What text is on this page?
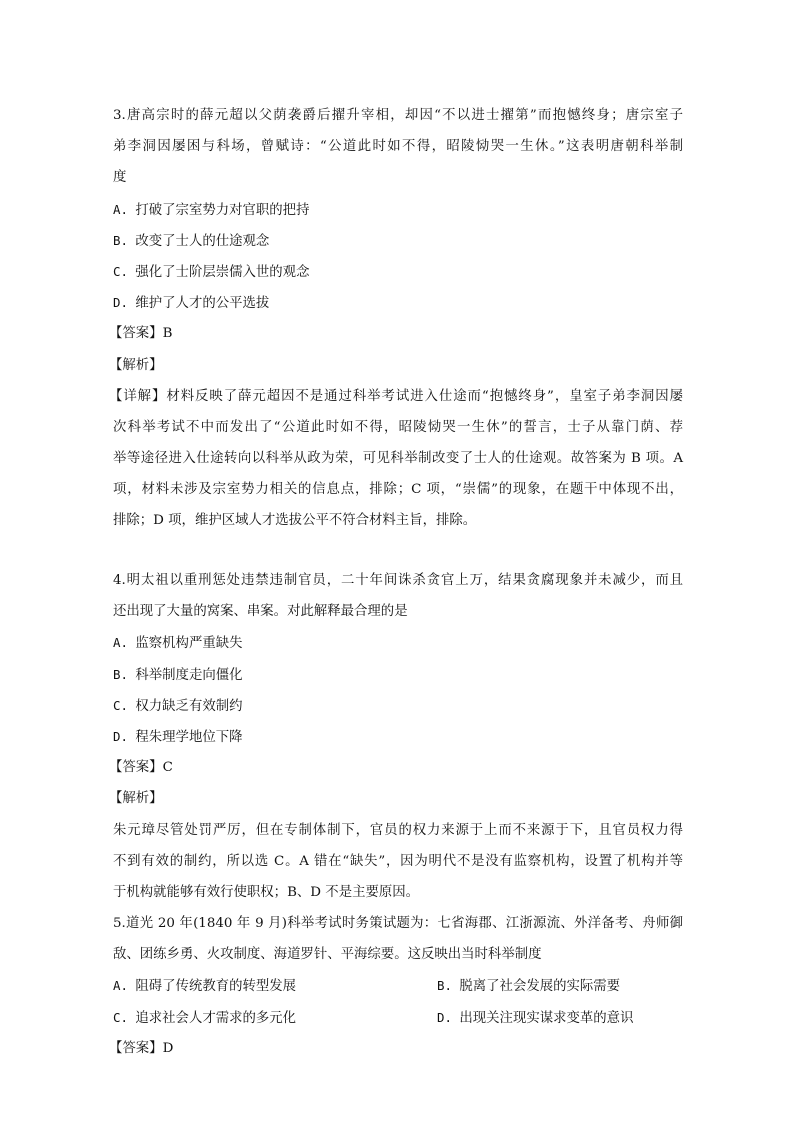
3.唐高宗时的薛元超以父荫袭爵后擢升宰相，却因“不以进士擢第”而抱憾终身；唐宗室子
弟李洞因屡困与科场，曾赋诗：“公道此时如不得，昭陵恸哭一生休。”这表明唐朝科举制
度
A. 打破了宗室势力对官职的把持
B. 改变了士人的仕途观念
C. 强化了士阶层崇儒入世的观念
D. 维护了人才的公平选拔
【答案】B
【解析】
【详解】材料反映了薛元超因不是通过科举考试进入仕途而“抱憾终身”，皇室子弟李洞因屡
次科举考试不中而发出了“公道此时如不得，昭陵恸哭一生休”的誓言，士子从靠门荫、荐
举等途径进入仕途转向以科举从政为荣，可见科举制改变了士人的仕途观。故答案为 B 项。A
项，材料未涉及宗室势力相关的信息点，排除；C 项，“崇儒”的现象，在题干中体现不出，
排除；D 项，维护区域人才选拔公平不符合材料主旨，排除。
4.明太祖以重刑惩处违禁违制官员，二十年间诛杀贪官上万，结果贪腐现象并未减少，而且
还出现了大量的窝案、串案。对此解释最合理的是
A. 监察机构严重缺失
B. 科举制度走向僵化
C. 权力缺乏有效制约
D. 程朱理学地位下降
【答案】C
【解析】
朱元璋尽管处罚严厉，但在专制体制下，官员的权力来源于上而不来源于下，且官员权力得
不到有效的制约，所以选 C。A 错在“缺失”，因为明代不是没有监察机构，设置了机构并等
于机构就能够有效行使职权；B、D 不是主要原因。
5.道光 20 年(1840 年 9 月)科举考试时务策试题为：七省海郡、江浙源流、外洋备考、舟师御
敌、团练乡勇、火攻制度、海道罗针、平海综要。这反映出当时科举制度
A. 阻碍了传统教育的转型发展	B. 脱离了社会发展的实际需要
C. 追求社会人才需求的多元化	D. 出现关注现实谋求变革的意识
【答案】D
